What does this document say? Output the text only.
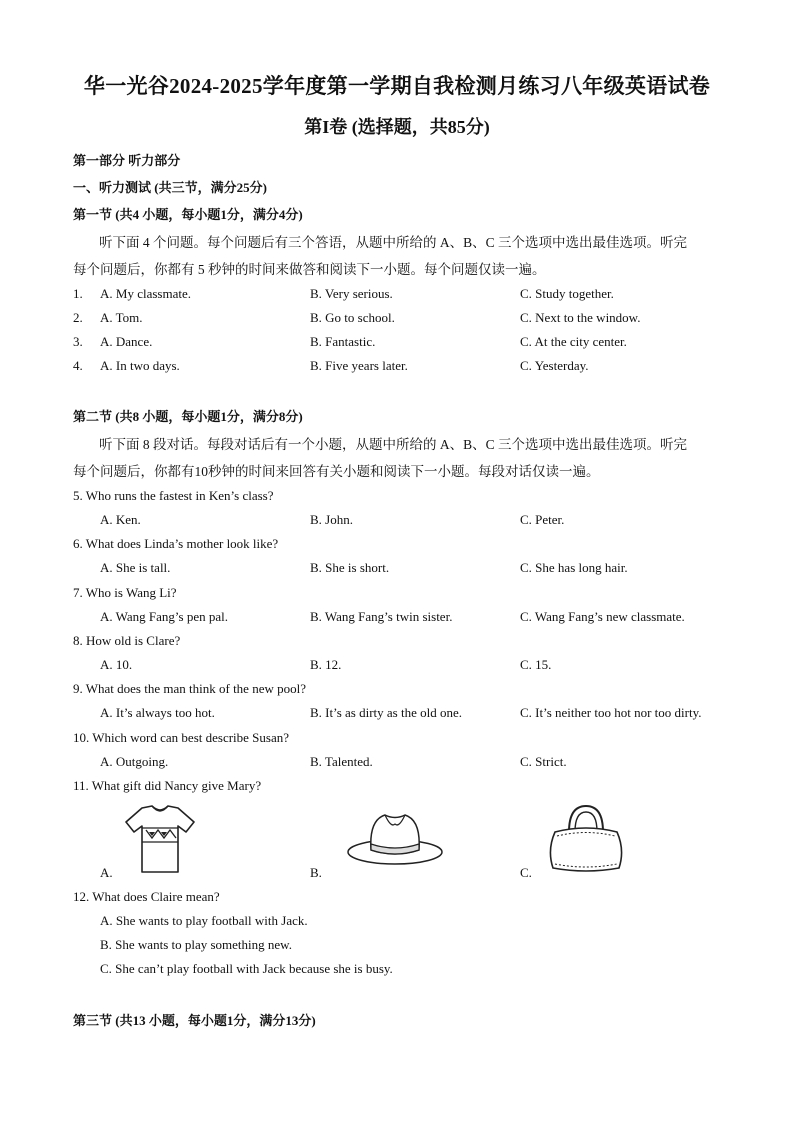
华一光谷2024-2025学年度第一学期自我检测月练习八年级英语试卷
第I卷 (选择题，共85分)
第一部分 听力部分
一、听力测试 (共三节，满分25分)
第一节 (共4 小题，每小题1分，满分4分)
听下面 4 个问题。每个问题后有三个答语，从题中所给的 A、B、C 三个选项中选出最佳选项。听完
每个问题后，你都有 5 秒钟的时间来做答和阅读下一小题。每个问题仅读一遍。
1. A. My classmate.	B. Very serious.	C. Study together.
2. A. Tom.	B. Go to school.	C. Next to the window.
3. A. Dance.	B. Fantastic.	C. At the city center.
4. A. In two days.	B. Five years later.	C. Yesterday.
第二节 (共8 小题，每小题1分，满分8分)
听下面 8 段对话。每段对话后有一个小题，从题中所给的 A、B、C 三个选项中选出最佳选项。听完
每个问题后，你都有10秒钟的时间来回答有关小题和阅读下一小题。每段对话仅读一遍。
5. Who runs the fastest in Ken’s class?
A. Ken.	B. John.	C. Peter.
6. What does Linda’s mother look like?
A. She is tall.	B. She is short.	C. She has long hair.
7. Who is Wang Li?
A. Wang Fang’s pen pal.	B. Wang Fang’s twin sister.	C. Wang Fang’s new classmate.
8. How old is Clare?
A. 10.	B. 12.	C. 15.
9. What does the man think of the new pool?
A. It’s always too hot.	B. It’s as dirty as the old one.	C. It’s neither too hot nor too dirty.
10. Which word can best describe Susan?
A. Outgoing.	B. Talented.	C. Strict.
11. What gift did Nancy give Mary?
A.	B.	C.
12. What does Claire mean?
A. She wants to play football with Jack.
B. She wants to play something new.
C. She can’t play football with Jack because she is busy.
第三节 (共13 小题，每小题1分，满分13分)
